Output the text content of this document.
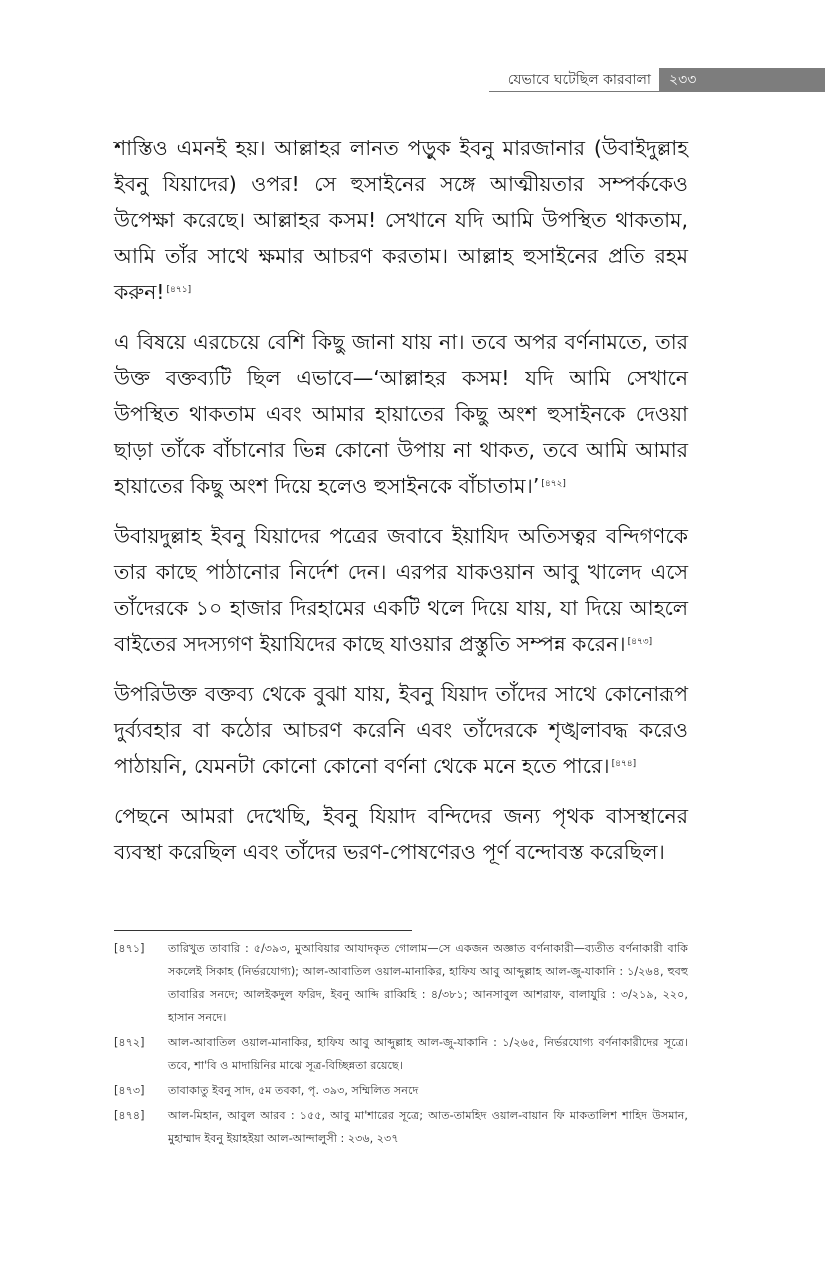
যেভাবে ঘটেছিল কারবালা	২৩৩

শাস্তিও এমনই হয়। আল্লাহর লানত পড়ুক ইবনু মারজানার (উবাইদুল্লাহ ইবনু যিয়াদের) ওপর! সে হুসাইনের সঙ্গে আত্মীয়তার সম্পর্ককেও উপেক্ষা করেছে। আল্লাহর কসম! সেখানে যদি আমি উপস্থিত থাকতাম, আমি তাঁর সাথে ক্ষমার আচরণ করতাম। আল্লাহ হুসাইনের প্রতি রহম করুন! [৪৭১]

এ বিষয়ে এরচেয়ে বেশি কিছু জানা যায় না। তবে অপর বর্ণনামতে, তার উক্ত বক্তব্যটি ছিল এভাবে—‘আল্লাহর কসম! যদি আমি সেখানে উপস্থিত থাকতাম এবং আমার হায়াতের কিছু অংশ হুসাইনকে দেওয়া ছাড়া তাঁকে বাঁচানোর ভিন্ন কোনো উপায় না থাকত, তবে আমি আমার হায়াতের কিছু অংশ দিয়ে হলেও হুসাইনকে বাঁচাতাম।’ [৪৭২]

উবায়দুল্লাহ ইবনু যিয়াদের পত্রের জবাবে ইয়াযিদ অতিসত্বর বন্দিগণকে তার কাছে পাঠানোর নির্দেশ দেন। এরপর যাকওয়ান আবু খালেদ এসে তাঁদেরকে ১০ হাজার দিরহামের একটি থলে দিয়ে যায়, যা দিয়ে আহলে বাইতের সদস্যগণ ইয়াযিদের কাছে যাওয়ার প্রস্তুতি সম্পন্ন করেন। [৪৭৩]

উপরিউক্ত বক্তব্য থেকে বুঝা যায়, ইবনু যিয়াদ তাঁদের সাথে কোনোরূপ দুর্ব্যবহার বা কঠোর আচরণ করেনি এবং তাঁদেরকে শৃঙ্খলাবদ্ধ করেও পাঠায়নি, যেমনটা কোনো কোনো বর্ণনা থেকে মনে হতে পারে। [৪৭৪]

পেছনে আমরা দেখেছি, ইবনু যিয়াদ বন্দিদের জন্য পৃথক বাসস্থানের ব্যবস্থা করেছিল এবং তাঁদের ভরণ-পোষণেরও পূর্ণ বন্দোবস্ত করেছিল।

[৪৭১]	তারিখুত তাবারি : ৫/৩৯৩, মুআবিয়ার আযাদকৃত গোলাম—সে একজন অজ্ঞাত বর্ণনাকারী—ব্যতীত বর্ণনাকারী বাকি সকলেই সিকাহ (নির্ভরযোগ্য); আল-আবাতিল ওয়াল-মানাকির, হাফিয আবু আব্দুল্লাহ আল-জু-যাকানি : ১/২৬৪, হুবহু তাবারির সনদে; আলইকদুল ফরিদ, ইবনু আব্দি রাব্বিহি : ৪/৩৮১; আনসাবুল আশরাফ, বালাযুরি : ৩/২১৯, ২২০, হাসান সনদে।
[৪৭২]	আল-আবাতিল ওয়াল-মানাকির, হাফিয আবু আব্দুল্লাহ আল-জু-যাকানি : ১/২৬৫, নির্ভরযোগ্য বর্ণনাকারীদের সূত্রে। তবে, শা'বি ও মাদায়িনির মাঝে সূত্র-বিচ্ছিন্নতা রয়েছে।
[৪৭৩]	তাবাকাতু ইবনু সাদ, ৫ম তবকা, পৃ. ৩৯৩, সম্মিলিত সনদে
[৪৭৪]	আল-মিহান, আবুল আরব : ১৫৫, আবু মা'শারের সূত্রে; আত-তামহিদ ওয়াল-বায়ান ফি মাকতালিশ শাহিদ উসমান, মুহাম্মাদ ইবনু ইয়াহইয়া আল-আন্দালুসী : ২৩৬, ২৩৭
